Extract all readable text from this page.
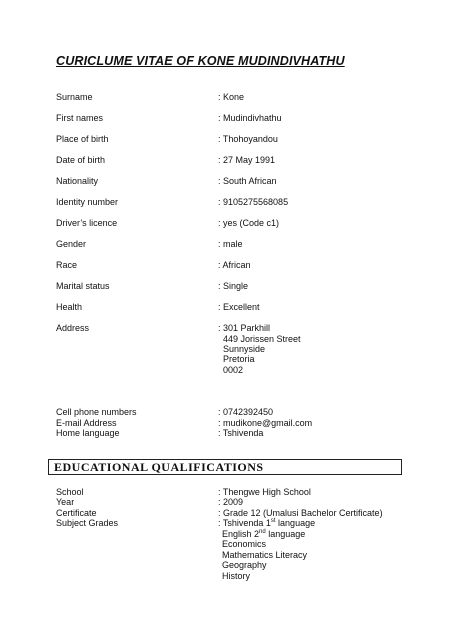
CURICLUME VITAE OF KONE MUDINDIVHATHU
Surname	: Kone
First names	: Mudindivhathu
Place of birth	: Thohoyandou
Date of birth	: 27 May 1991
Nationality	: South African
Identity number	: 9105275568085
Driver’s licence	: yes (Code c1)
Gender	: male
Race	: African
Marital status	: Single
Health	: Excellent
Address	: 301 Parkhill
449 Jorissen Street
Sunnyside
Pretoria
0002
Cell phone numbers	: 0742392450
E-mail Address	: mudikone@gmail.com
Home language	: Tshivenda
EDUCATIONAL QUALIFICATIONS
School	: Thengwe High School
Year	: 2009
Certificate	: Grade 12 (Umalusi Bachelor Certificate)
Subject Grades	: Tshivenda 1st language
English 2nd language
Economics
Mathematics Literacy
Geography
History
